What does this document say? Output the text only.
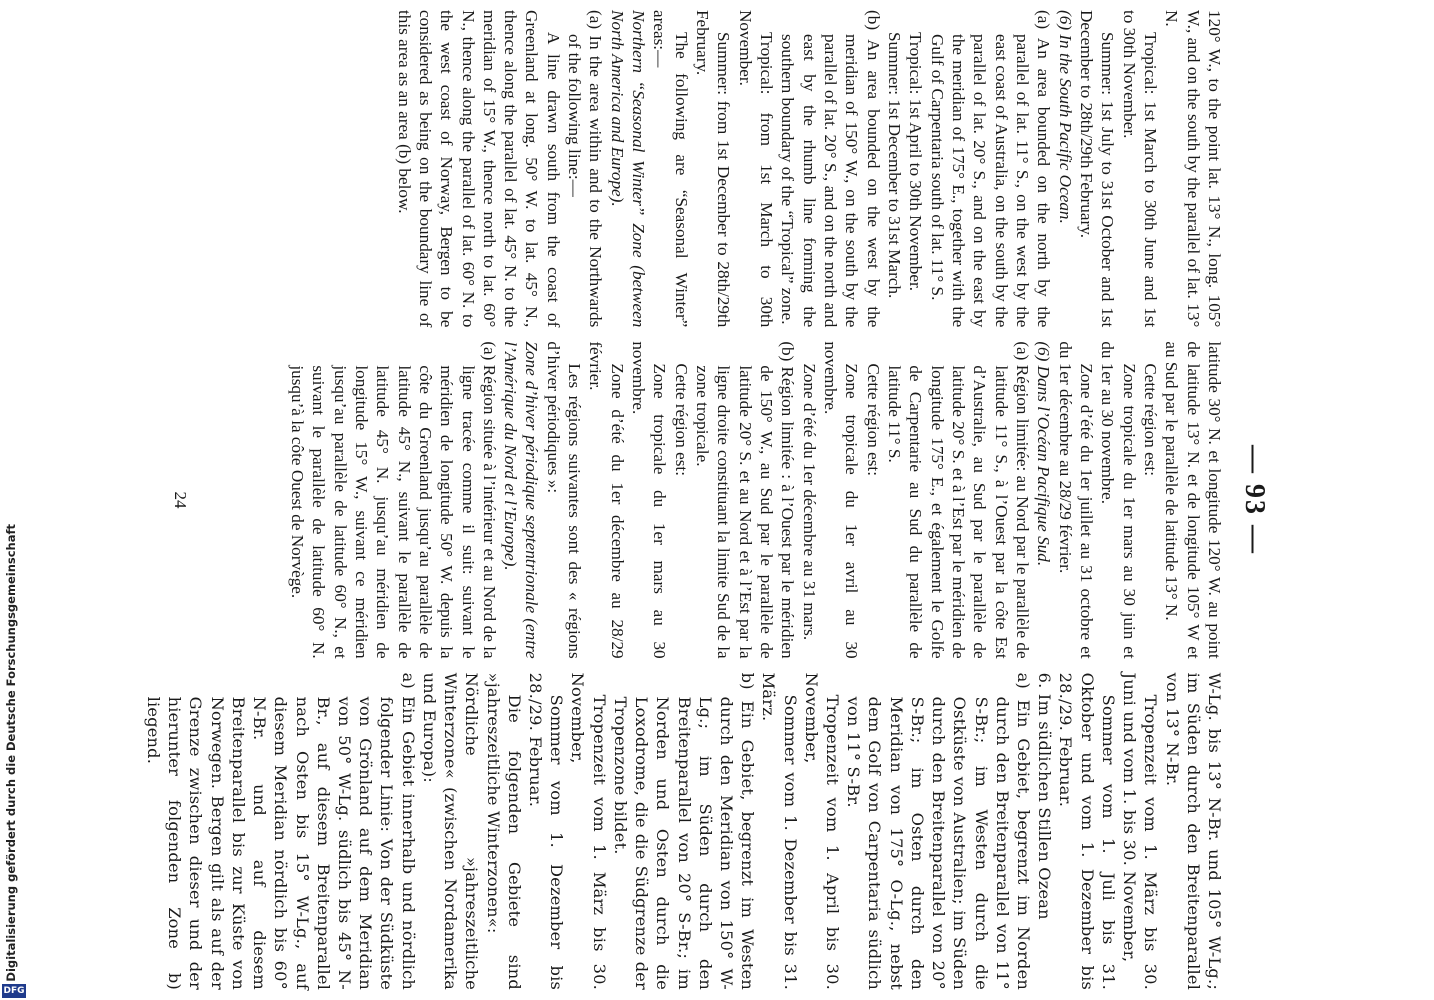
Digitalisierung gefördert durch die Deutsche Forschungsgemeinschaft
DFG
— 93 —

120° W., to the point lat. 13° N., long. 105° W., and on the south by the parallel of lat. 13° N.

Tropical: 1st March to 30th June and 1st to 30th November.

Summer: 1st July to 31st October and 1st December to 28th/29th February.

(6) In the South Pacific Ocean.

(a) An area bounded on the north by the parallel of lat. 11° S., on the west by the east coast of Australia, on the south by the parallel of lat. 20° S., and on the east by the meridian of 175° E., together with the Gulf of Carpentaria south of lat. 11° S.

Tropical: 1st April to 30th November.

Summer: 1st December to 31st March.

(b) An area bounded on the west by the meridian of 150° W., on the south by the parallel of lat. 20° S., and on the north and east by the rhumb line forming the southern boundary of the “Tropical” zone.

Tropical: from 1st March to 30th November.

Summer: from 1st December to 28th/29th February.

The following are “Seasonal Winter” areas:—

Northern “Seasonal Winter” Zone (between North America and Europe).

(a) In the area within and to the Northwards of the following line:—

A line drawn south from the coast of Greenland at long. 50° W. to lat. 45° N., thence along the parallel of lat. 45° N. to the meridian of 15° W., thence north to lat. 60° N., thence along the parallel of lat. 60° N. to the west coast of Norway, Bergen to be considered as being on the boundary line of this area as an area (b) below.

latitude 30° N. et longitude 120° W. au point de latitude 13° N. et de longitude 105° W et au Sud par le parallèle de latitude 13° N.

Cette région est:

Zone tropicale du 1er mars au 30 juin et du 1er au 30 novembre.

Zone d’été du 1er juillet au 31 octobre et du 1er décembre au 28/29 février.

(6) Dans l’Océan Pacifique Sud.

(a) Région limitée: au Nord par le parallèle de latitude 11° S., à l’Ouest par la côte Est d’Australie, au Sud par le parallèle de latitude 20° S. et à l’Est par le méridien de longitude 175° E., et également le Golfe de Carpentarie au Sud du parallèle de latitude 11° S.

Cette région est:

Zone tropicale du 1er avril au 30 novembre.

Zone d’été du 1er décembre au 31 mars.

(b) Région limitée : à l’Ouest par le méridien de 150° W., au Sud par le parallèle de latitude 20° S. et au Nord et à l’Est par la ligne droite constituant la limite Sud de la zone tropicale.

Cette région est:

Zone tropicale du 1er mars au 30 novembre.

Zone d’été du 1er décembre au 28/29 février.

Les régions suivantes sont des « régions d’hiver périodiques »:

Zone d’hiver périodique septentrionale (entre l’Amérique du Nord et l’Europe).

(a) Région située à l’intérieur et au Nord de la ligne tracée comme il suit: suivant le méridien de longitude 50° W. depuis la côte du Groenland jusqu’au parallèle de latitude 45° N., suivant le parallèle de latitude 45° N. jusqu’au méridien de longitude 15° W., suivant ce méridien jusqu’au parallèle de latitude 60° N., et suivant le parallèle de latitude 60° N. jusqu’à la côte Ouest de Norvège.

W-Lg. bis 13° N-Br. und 105° W-Lg.; im Süden durch den Breitenparallel von 13° N-Br.

Tropenzeit vom 1. März bis 30. Juni und vom 1. bis 30. November,

Sommer vom 1. Juli bis 31. Oktober und vom 1. Dezember bis 28./29. Februar.

6. Im südlichen Stillen Ozean

a) Ein Gebiet, begrenzt im Norden durch den Breitenparallel von 11° S-Br.; im Westen durch die Ostküste von Australien; im Süden durch den Breitenparallel von 20° S-Br.; im Osten durch den Meridian von 175° O-Lg., nebst dem Golf von Carpentaria südlich von 11° S-Br.

Tropenzeit vom 1. April bis 30. November,

Sommer vom 1. Dezember bis 31. März.

b) Ein Gebiet, begrenzt im Westen durch den Meridian von 150° W-Lg.; im Süden durch den Breitenparallel von 20° S-Br.; im Norden und Osten durch die Loxodrome, die die Südgrenze der Tropenzone bildet.

Tropenzeit vom 1. März bis 30. November,

Sommer vom 1. Dezember bis 28./29. Februar.

Die folgenden Gebiete sind »jahreszeitliche Winterzonen«:

Nördliche »jahreszeitliche Winterzone« (zwischen Nordamerika und Europa):

a) Ein Gebiet innerhalb und nördlich folgender Linie: Von der Südküste von Grönland auf dem Meridian von 50° W-Lg. südlich bis 45° N-Br., auf diesem Breitenparallel nach Osten bis 15° W-Lg., auf diesem Meridian nördlich bis 60° N-Br. und auf diesem Breitenparallel bis zur Küste von Norwegen. Bergen gilt als auf der Grenze zwischen dieser und der hierunter folgenden Zone b) liegend.

24
